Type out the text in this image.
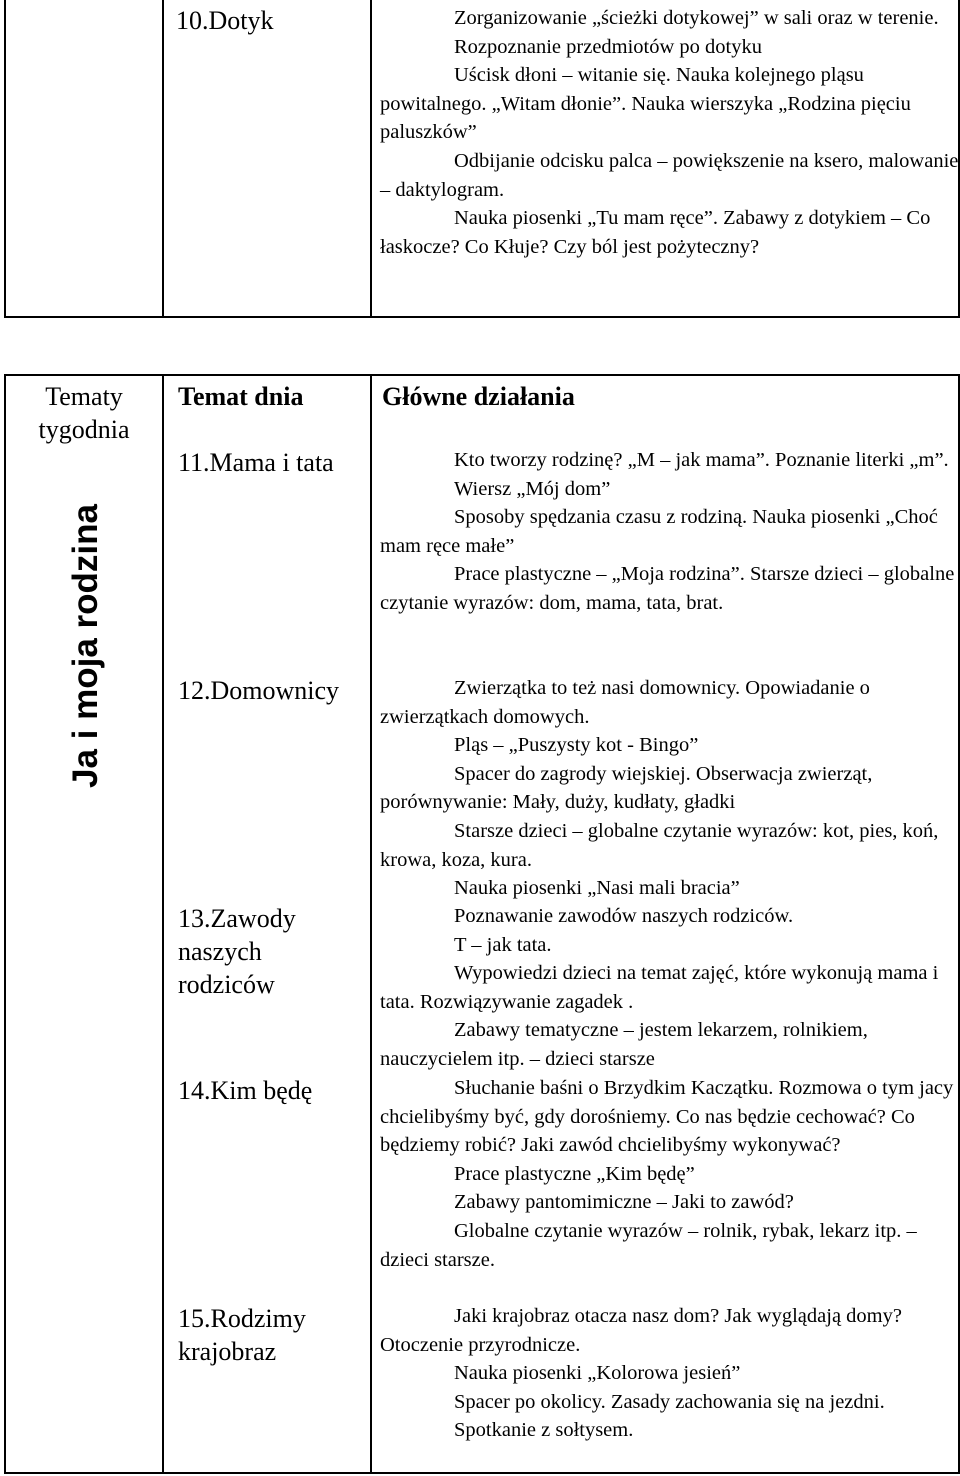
10.Dotyk	Zorganizowanie „ścieżki dotykowej” w sali oraz w terenie.

Rozpoznanie przedmiotów po dotyku

Uścisk dłoni – witanie się. Nauka kolejnego pląsu powitalnego. „Witam dłonie”. Nauka wierszyka „Rodzina pięciu paluszków”

Odbijanie odcisku palca – powiększenie na ksero, malowanie – daktylogram.

Nauka piosenki „Tu mam ręce”. Zabawy z dotykiem – Co łaskocze? Co Kłuje? Czy ból jest pożyteczny?

Tematy
tygodnia
Temat dnia	Główne działania
Ja i moja rodzina
11.Mama i tata
12.Domownicy
13.Zawody
naszych
rodziców
14.Kim będę
15.Rodzimy
krajobraz

Kto tworzy rodzinę? „M – jak mama”. Poznanie literki „m”.

Wiersz „Mój dom”

Sposoby spędzania czasu z rodziną. Nauka piosenki „Choć mam ręce małe”

Prace plastyczne – „Moja rodzina”. Starsze dzieci – globalne czytanie wyrazów: dom, mama, tata, brat.

Zwierzątka to też nasi domownicy. Opowiadanie o zwierzątkach domowych.

Pląs – „Puszysty kot - Bingo”

Spacer do zagrody wiejskiej. Obserwacja zwierząt, porównywanie: Mały, duży, kudłaty, gładki

Starsze dzieci – globalne czytanie wyrazów: kot, pies, koń, krowa, koza, kura.

Nauka piosenki „Nasi mali bracia”

Poznawanie zawodów naszych rodziców.

T – jak tata.

Wypowiedzi dzieci na temat zajęć, które wykonują mama i tata. Rozwiązywanie zagadek .

Zabawy tematyczne – jestem lekarzem, rolnikiem, nauczycielem itp. – dzieci starsze

Słuchanie baśni o Brzydkim Kaczątku. Rozmowa o tym jacy chcielibyśmy być, gdy dorośniemy. Co nas będzie cechować? Co będziemy robić? Jaki zawód chcielibyśmy wykonywać?

Prace plastyczne „Kim będę”

Zabawy pantomimiczne – Jaki to zawód?

Globalne czytanie wyrazów – rolnik, rybak, lekarz itp. – dzieci starsze.

Jaki krajobraz otacza nasz dom? Jak wyglądają domy? Otoczenie przyrodnicze.

Nauka piosenki „Kolorowa jesień”

Spacer po okolicy. Zasady zachowania się na jezdni.

Spotkanie z sołtysem.
